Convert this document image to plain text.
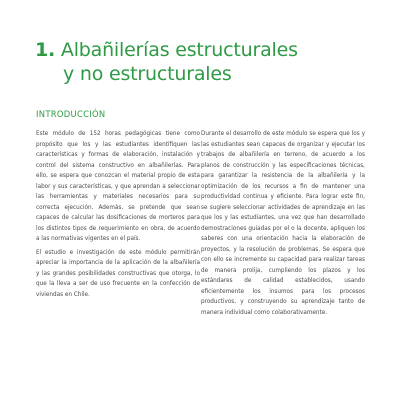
1. Albañilerías estructurales
y no estructurales
INTRODUCCIÓN

Este módulo de 152 horas pedagógicas tiene como propósito que los y las estudiantes identifiquen las características y formas de elaboración, instalación y control del sistema constructivo en albañilerías. Para ello, se espera que conozcan el material propio de esta labor y sus características, y que aprendan a seleccionar las herramientas y materiales necesarios para su correcta ejecución. Además, se pretende que sean capaces de calcular las dosificaciones de morteros para los distintos tipos de requerimiento en obra, de acuerdo a las normativas vigentes en el país.

El estudio e investigación de este módulo permitirán apreciar la importancia de la aplicación de la albañilería y las grandes posibilidades constructivas que otorga, lo que la lleva a ser de uso frecuente en la confección de viviendas en Chile.

Durante el desarrollo de este módulo se espera que los y las estudiantes sean capaces de organizar y ejecutar los trabajos de albañilería en terreno, de acuerdo a los planos de construcción y las especificaciones técnicas, para garantizar la resistencia de la albañilería y la optimización de los recursos a fin de mantener una productividad continua y eficiente. Para lograr este fin, se sugiere seleccionar actividades de aprendizaje en las que los y las estudiantes, una vez que han desarrollado demostraciones guiadas por el o la docente, apliquen los saberes con una orientación hacia la elaboración de proyectos, y la resolución de problemas. Se espera que con ello se incremente su capacidad para realizar tareas de manera prolija, cumpliendo los plazos y los estándares de calidad establecidos, usando eficientemente los insumos para los procesos productivos, y construyendo su aprendizaje tanto de manera individual como colaborativamente.
